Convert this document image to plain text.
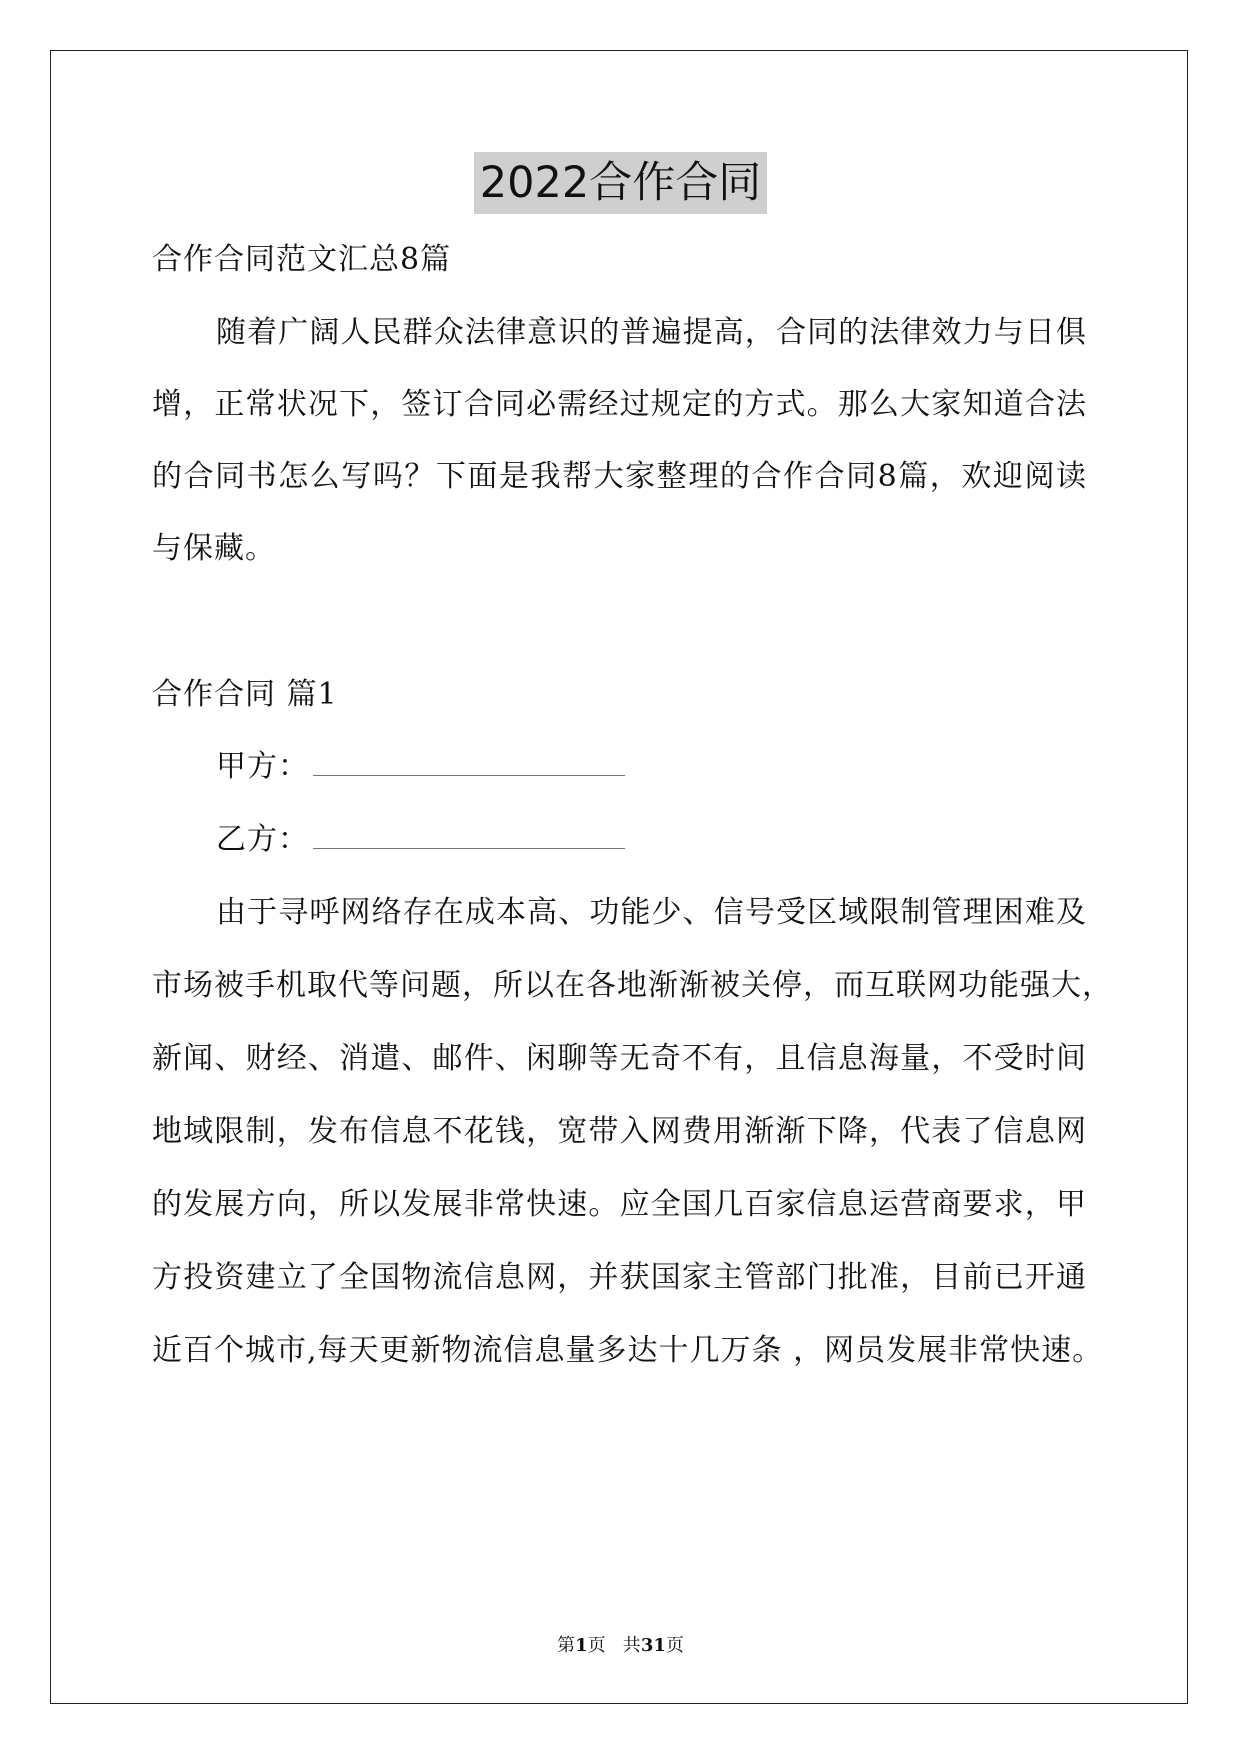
2022合作合同
合作合同范文汇总8篇
随着广阔人民群众法律意识的普遍提高，合同的法律效力与日俱
增，正常状况下，签订合同必需经过规定的方式。那么大家知道合法
的合同书怎么写吗？下面是我帮大家整理的合作合同8篇，欢迎阅读
与保藏。
合作合同 篇1
甲方：
乙方：
由于寻呼网络存在成本高、功能少、信号受区域限制管理困难及
市场被手机取代等问题，所以在各地渐渐被关停，而互联网功能强大，
新闻、财经、消遣、邮件、闲聊等无奇不有，且信息海量，不受时间
地域限制，发布信息不花钱，宽带入网费用渐渐下降，代表了信息网
的发展方向，所以发展非常快速。应全国几百家信息运营商要求，甲
方投资建立了全国物流信息网，并获国家主管部门批准，目前已开通
近百个城市,每天更新物流信息量多达十几万条 ，网员发展非常快速。
第1页   共31页
